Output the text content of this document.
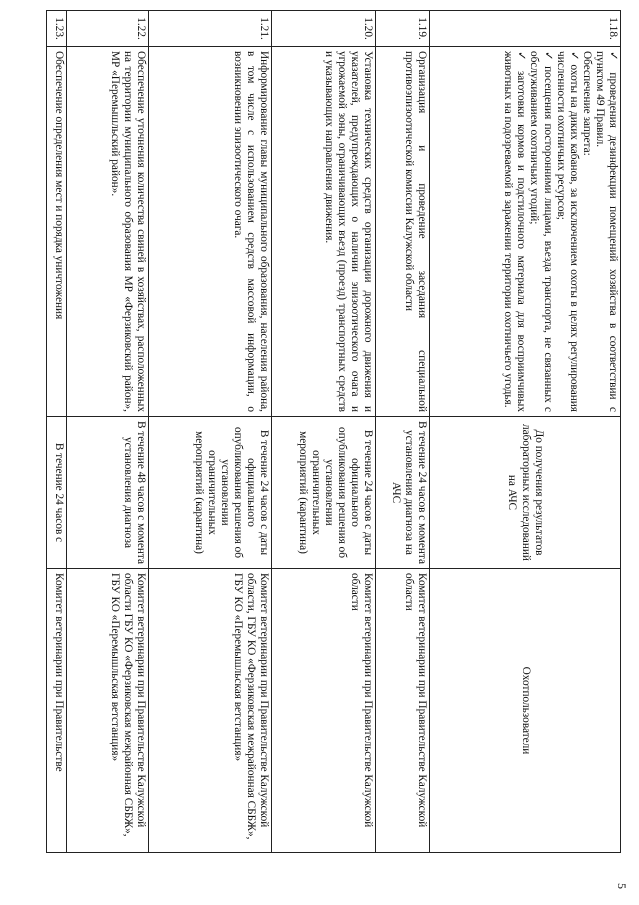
5
1.18.	✓ проведения дезинфекции помещений хозяйства в соответствии с пунктом 49 Правил.
Обеспечение запрета:
✓ охоты на диких кабанов, за исключением охоты в целях регулирования численности охотничьих ресурсов;
✓ посещения посторонними лицами, въезда транспорта, не связанных с обслуживанием охотничьих угодий;
✓ заготовки кормов и подстилочного материала для восприимчивых животных на подозреваемой в заражении территории охотничьего угодья.	До получения результатов лабораторных исследований на АЧС	Охотпользователи
1.19.	Организация и проведение заседания специальной противоэпизоотической комиссии Калужской области	В течение 24 часов с момента установления диагноза на АЧС	Комитет ветеринарии при Правительстве Калужской области
1.20.	Установка технических средств организации дорожного движения и указателей, предупреждающих о наличии эпизоотического очага и угрожаемой зоны, ограничивающих въезд (проезд) транспортных средств и указывающих направления движения.	В течение 24 часов с даты официального опубликования решения об установлении ограничительных мероприятий (карантина)	Комитет ветеринарии при Правительстве Калужской области
1.21.	Информирование главы муниципального образования, населения района, в том числе с использованием средств массовой информации, о возникновении эпизоотического очага.	В течение 24 часов с даты официального опубликования решения об установлении ограничительных мероприятий (карантина)	Комитет ветеринарии при Правительстве Калужской области, ГБУ КО «Ферзиковская межрайонная СББЖ», ГБУ КО «Перемышльская ветстанция»
1.22.	Обеспечение уточнения количества свиней в хозяйствах, расположенных на территории муниципального образования МР «Ферзиковский район», МР «Перемышльский район».	В течение 48 часов с момента установления диагноза	Комитет ветеринарии при Правительстве Калужской области ГБУ КО «Ферзиковская межрайонная СББЖ», ГБУ КО «Перемышльская ветстанция»
1.23.	Обеспечение определения мест и порядка уничтожения	В течение 24 часов с	Комитет ветеринарии при Правительстве
